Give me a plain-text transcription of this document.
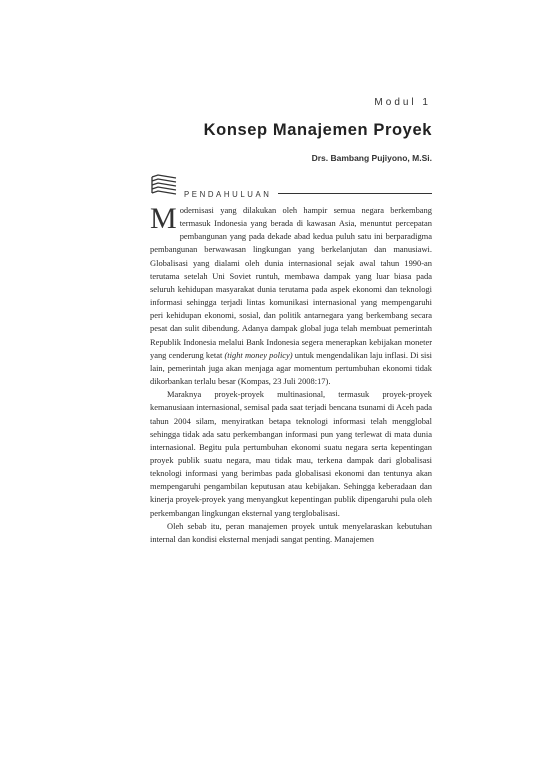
Modul 1
Konsep Manajemen Proyek
Drs. Bambang Pujiyono, M.Si.
PENDAHULUAN

Modernisasi yang dilakukan oleh hampir semua negara berkembang termasuk Indonesia yang berada di kawasan Asia, menuntut percepatan pembangunan yang pada dekade abad kedua puluh satu ini berparadigma pembangunan berwawasan lingkungan yang berkelanjutan dan manusiawi. Globalisasi yang dialami oleh dunia internasional sejak awal tahun 1990-an terutama setelah Uni Soviet runtuh, membawa dampak yang luar biasa pada seluruh kehidupan masyarakat dunia terutama pada aspek ekonomi dan teknologi informasi sehingga terjadi lintas komunikasi internasional yang mempengaruhi peri kehidupan ekonomi, sosial, dan politik antarnegara yang berkembang secara pesat dan sulit dibendung. Adanya dampak global juga telah membuat pemerintah Republik Indonesia melalui Bank Indonesia segera menerapkan kebijakan moneter yang cenderung ketat (tight money policy) untuk mengendalikan laju inflasi. Di sisi lain, pemerintah juga akan menjaga agar momentum pertumbuhan ekonomi tidak dikorbankan terlalu besar (Kompas, 23 Juli 2008:17).

Maraknya proyek-proyek multinasional, termasuk proyek-proyek kemanusiaan internasional, semisal pada saat terjadi bencana tsunami di Aceh pada tahun 2004 silam, menyiratkan betapa teknologi informasi telah mengglobal sehingga tidak ada satu perkembangan informasi pun yang terlewat di mata dunia internasional. Begitu pula pertumbuhan ekonomi suatu negara serta kepentingan proyek publik suatu negara, mau tidak mau, terkena dampak dari globalisasi teknologi informasi yang berimbas pada globalisasi ekonomi dan tentunya akan mempengaruhi pengambilan keputusan atau kebijakan. Sehingga keberadaan dan kinerja proyek-proyek yang menyangkut kepentingan publik dipengaruhi pula oleh perkembangan lingkungan eksternal yang terglobalisasi.

Oleh sebab itu, peran manajemen proyek untuk menyelaraskan kebutuhan internal dan kondisi eksternal menjadi sangat penting. Manajemen
